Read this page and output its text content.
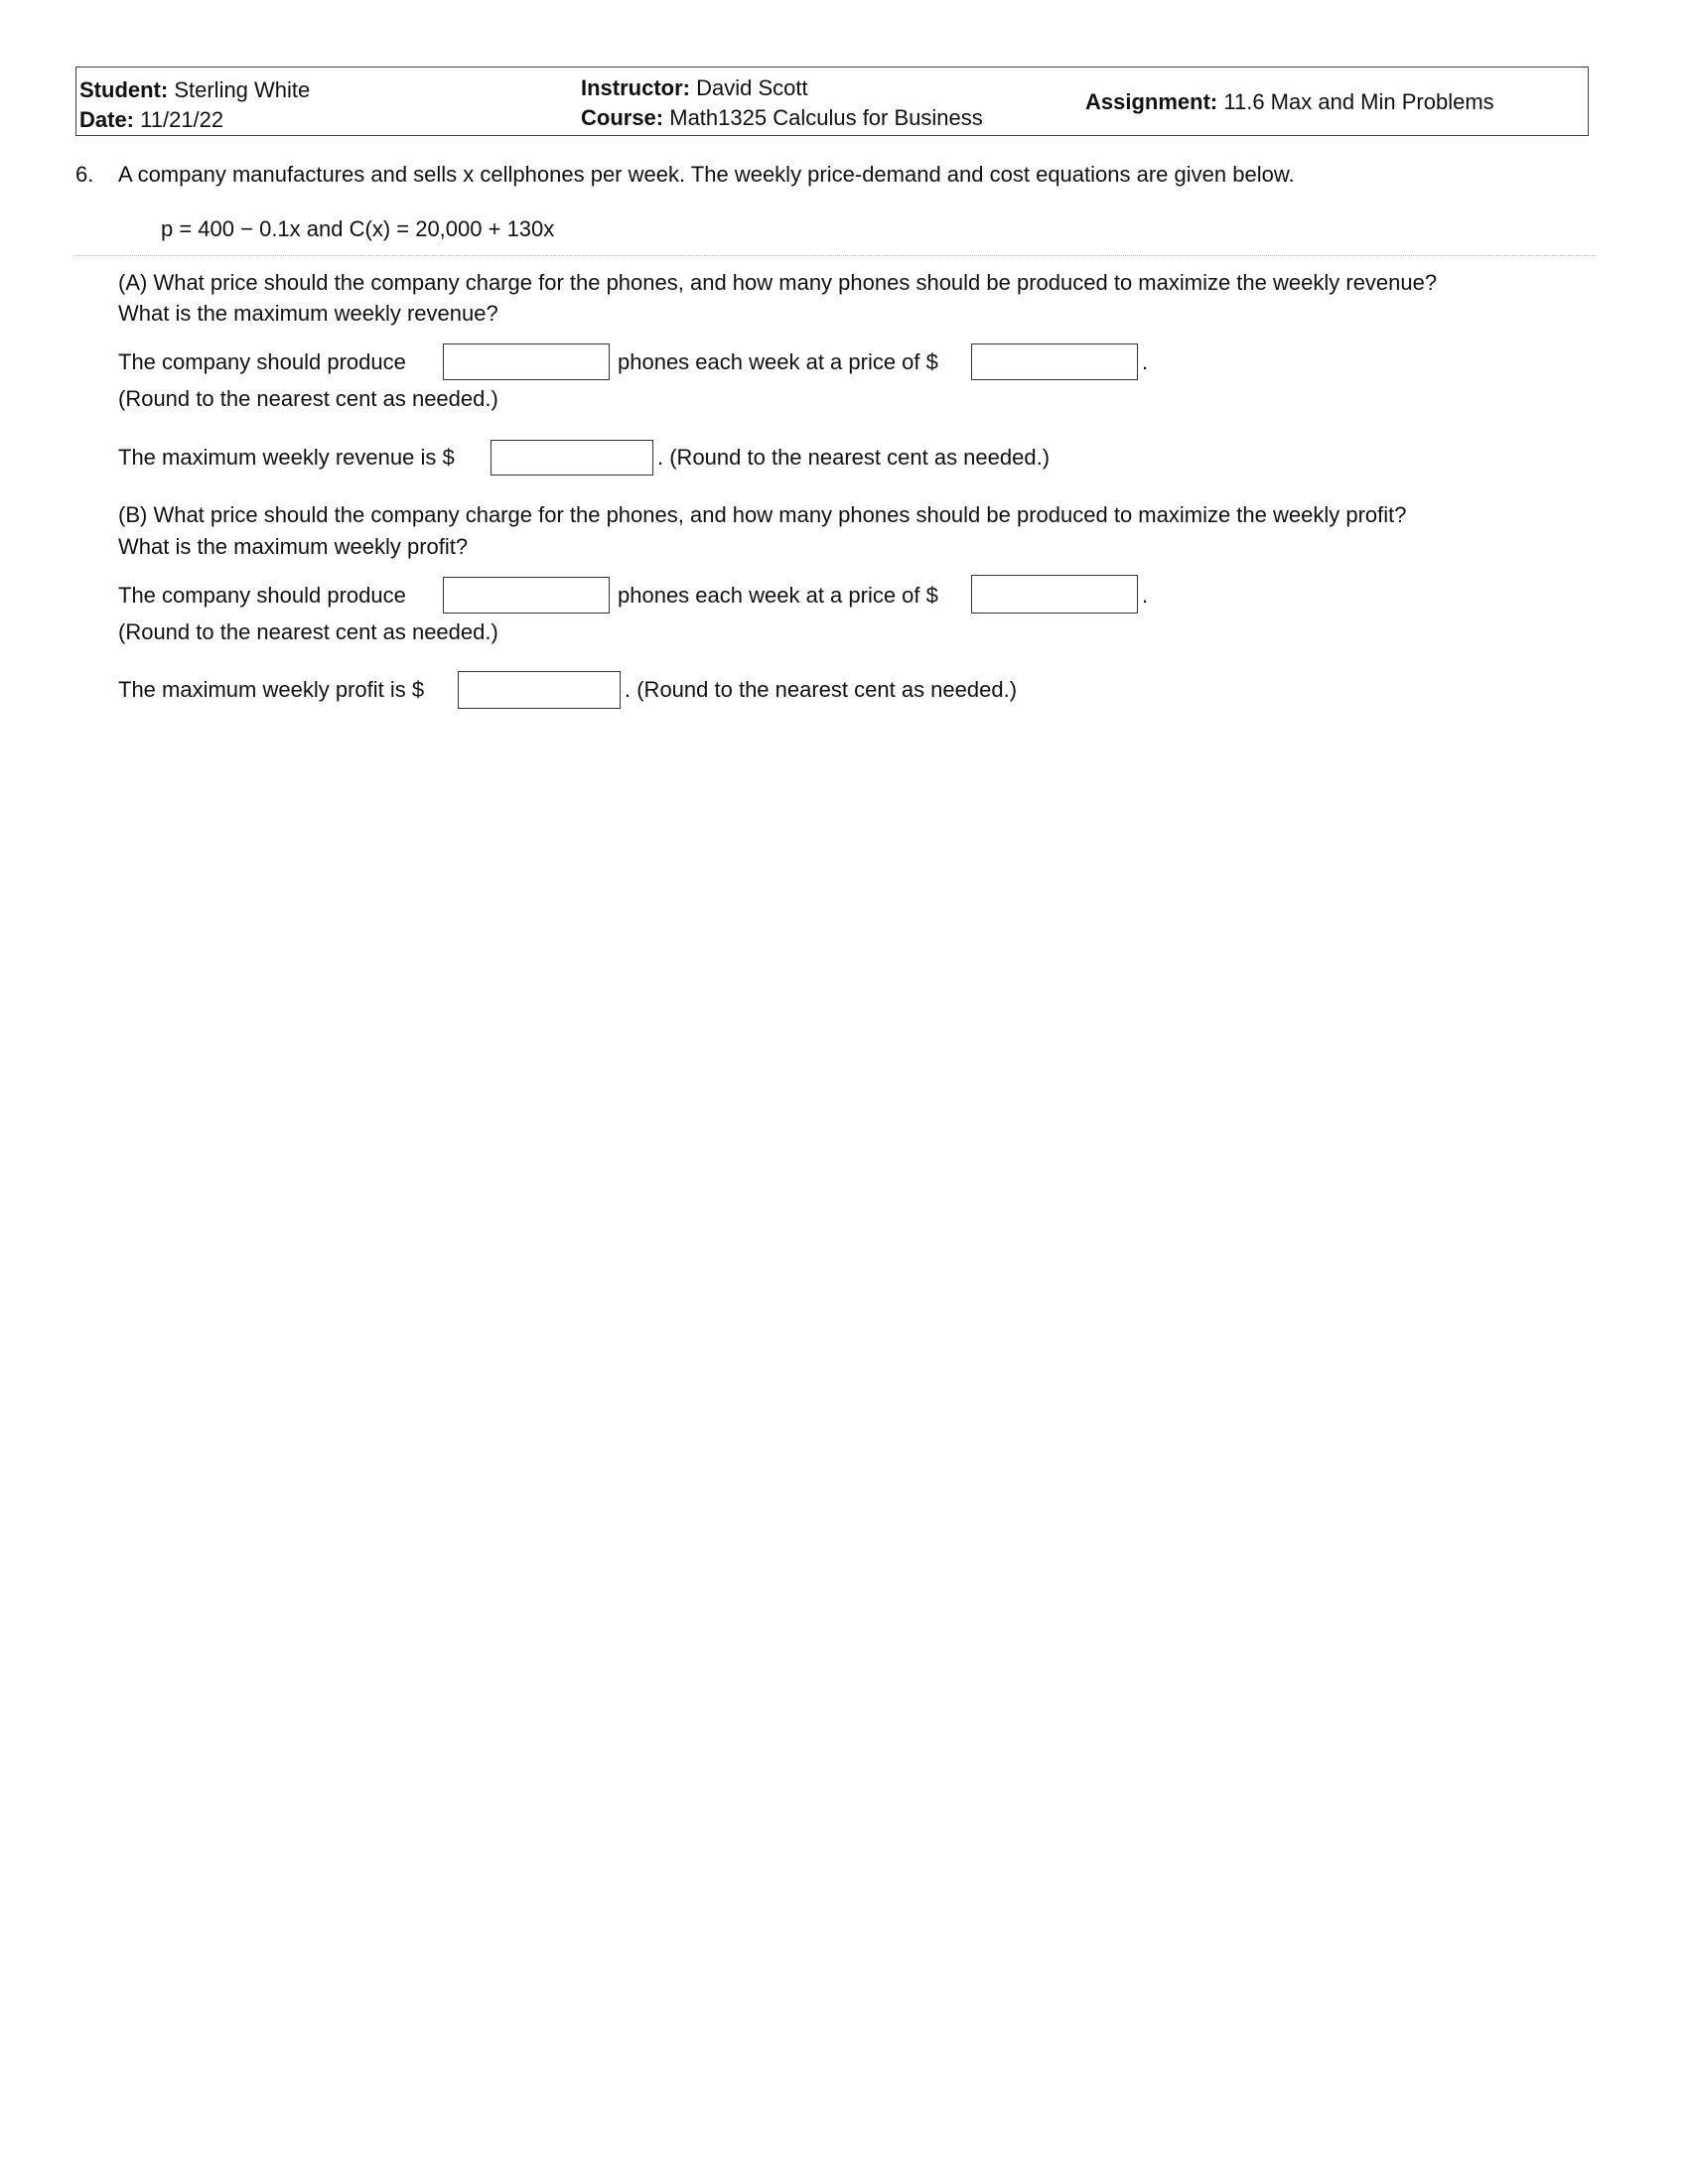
Student: Sterling White
Date: 11/21/22
Instructor: David Scott
Course: Math1325 Calculus for Business
Assignment: 11.6 Max and Min Problems
6. A company manufactures and sells x cellphones per week. The weekly price-demand and cost equations are given below.
p = 400 − 0.1x and C(x) = 20,000 + 130x
(A) What price should the company charge for the phones, and how many phones should be produced to maximize the weekly revenue?
What is the maximum weekly revenue?
The company should produce	phones each week at a price of $	.
(Round to the nearest cent as needed.)
The maximum weekly revenue is $	. (Round to the nearest cent as needed.)
(B) What price should the company charge for the phones, and how many phones should be produced to maximize the weekly profit?
What is the maximum weekly profit?
The company should produce	phones each week at a price of $	.
(Round to the nearest cent as needed.)
The maximum weekly profit is $	. (Round to the nearest cent as needed.)
